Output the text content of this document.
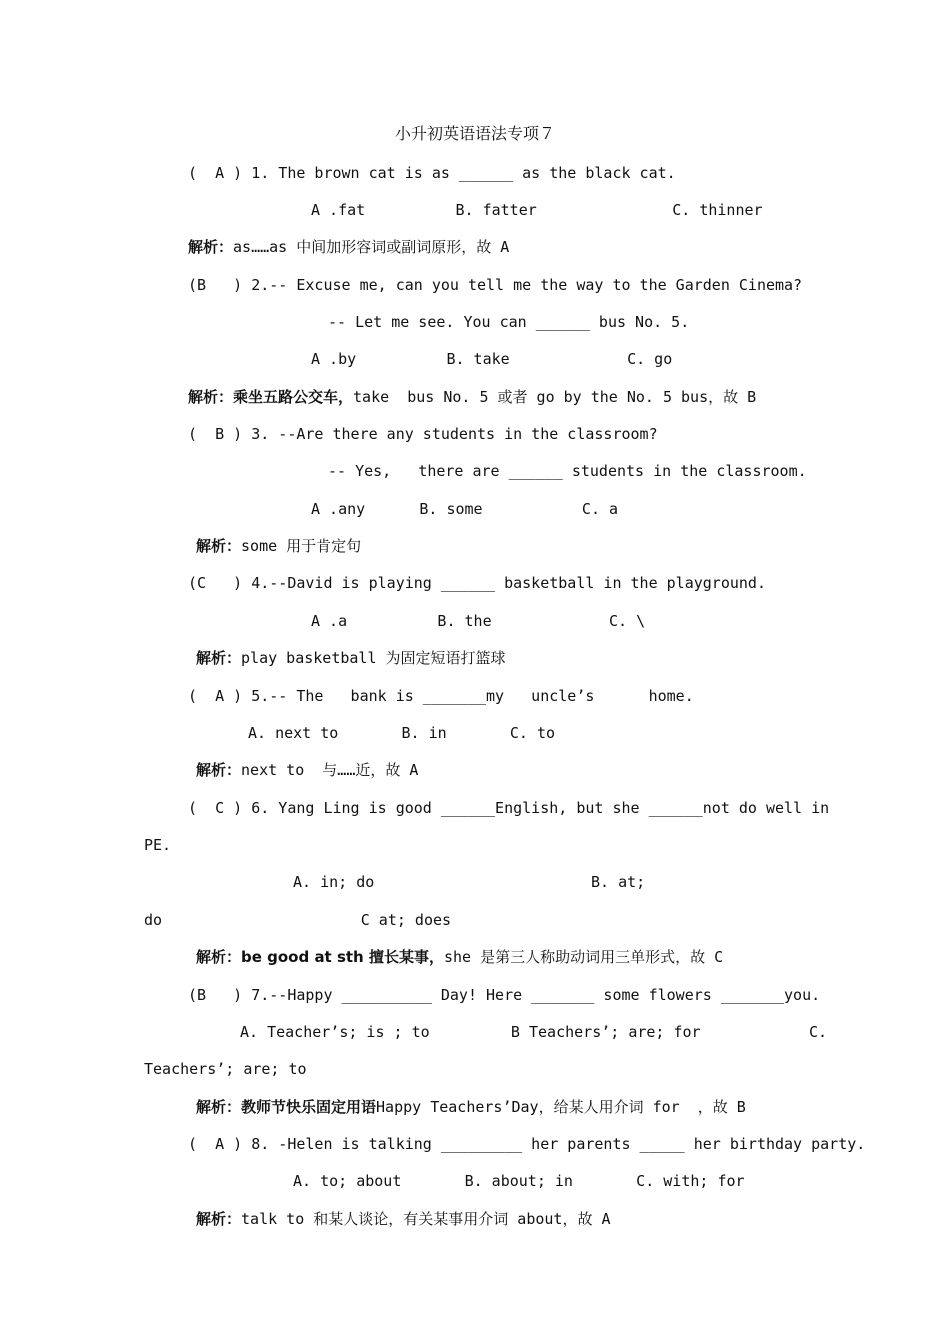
小升初英语语法专项７
(  A ) 1. The brown cat is as ______ as the black cat.
A .fat          B. fatter               C. thinner
解析：as……as 中间加形容词或副词原形，故 A
(B   ) 2.-- Excuse me, can you tell me the way to the Garden Cinema?
-- Let me see. You can ______ bus No. 5.
A .by          B. take             C. go
解析：乘坐五路公交车，take  bus No. 5 或者 go by the No. 5 bus，故 B
(  B ) 3. --Are there any students in the classroom?
-- Yes,   there are ______ students in the classroom.
A .any      B. some           C. a
解析：some 用于肯定句
(C   ) 4.--David is playing ______ basketball in the playground.
A .a          B. the             C. \
解析：play basketball 为固定短语打篮球
(  A ) 5.-- The   bank is _______my   uncle’s      home.
A. next to       B. in       C. to
解析：next to  与……近，故 A
(  C ) 6. Yang Ling is good ______English, but she ______not do well in
PE.
A. in; do                        B. at;
do                      C at; does
解析：be good at sth 擅长某事，she 是第三人称助动词用三单形式，故 C
(B   ) 7.--Happy __________ Day! Here _______ some flowers _______you.
A. Teacher’s; is ; to         B Teachers’; are; for            C.
Teachers’; are; to
解析：教师节快乐固定用语Happy Teachers’Day，给某人用介词 for  ，故 B
(  A ) 8. -Helen is talking _________ her parents _____ her birthday party.
A. to; about       B. about; in       C. with; for
解析：talk to 和某人谈论，有关某事用介词 about，故 A
